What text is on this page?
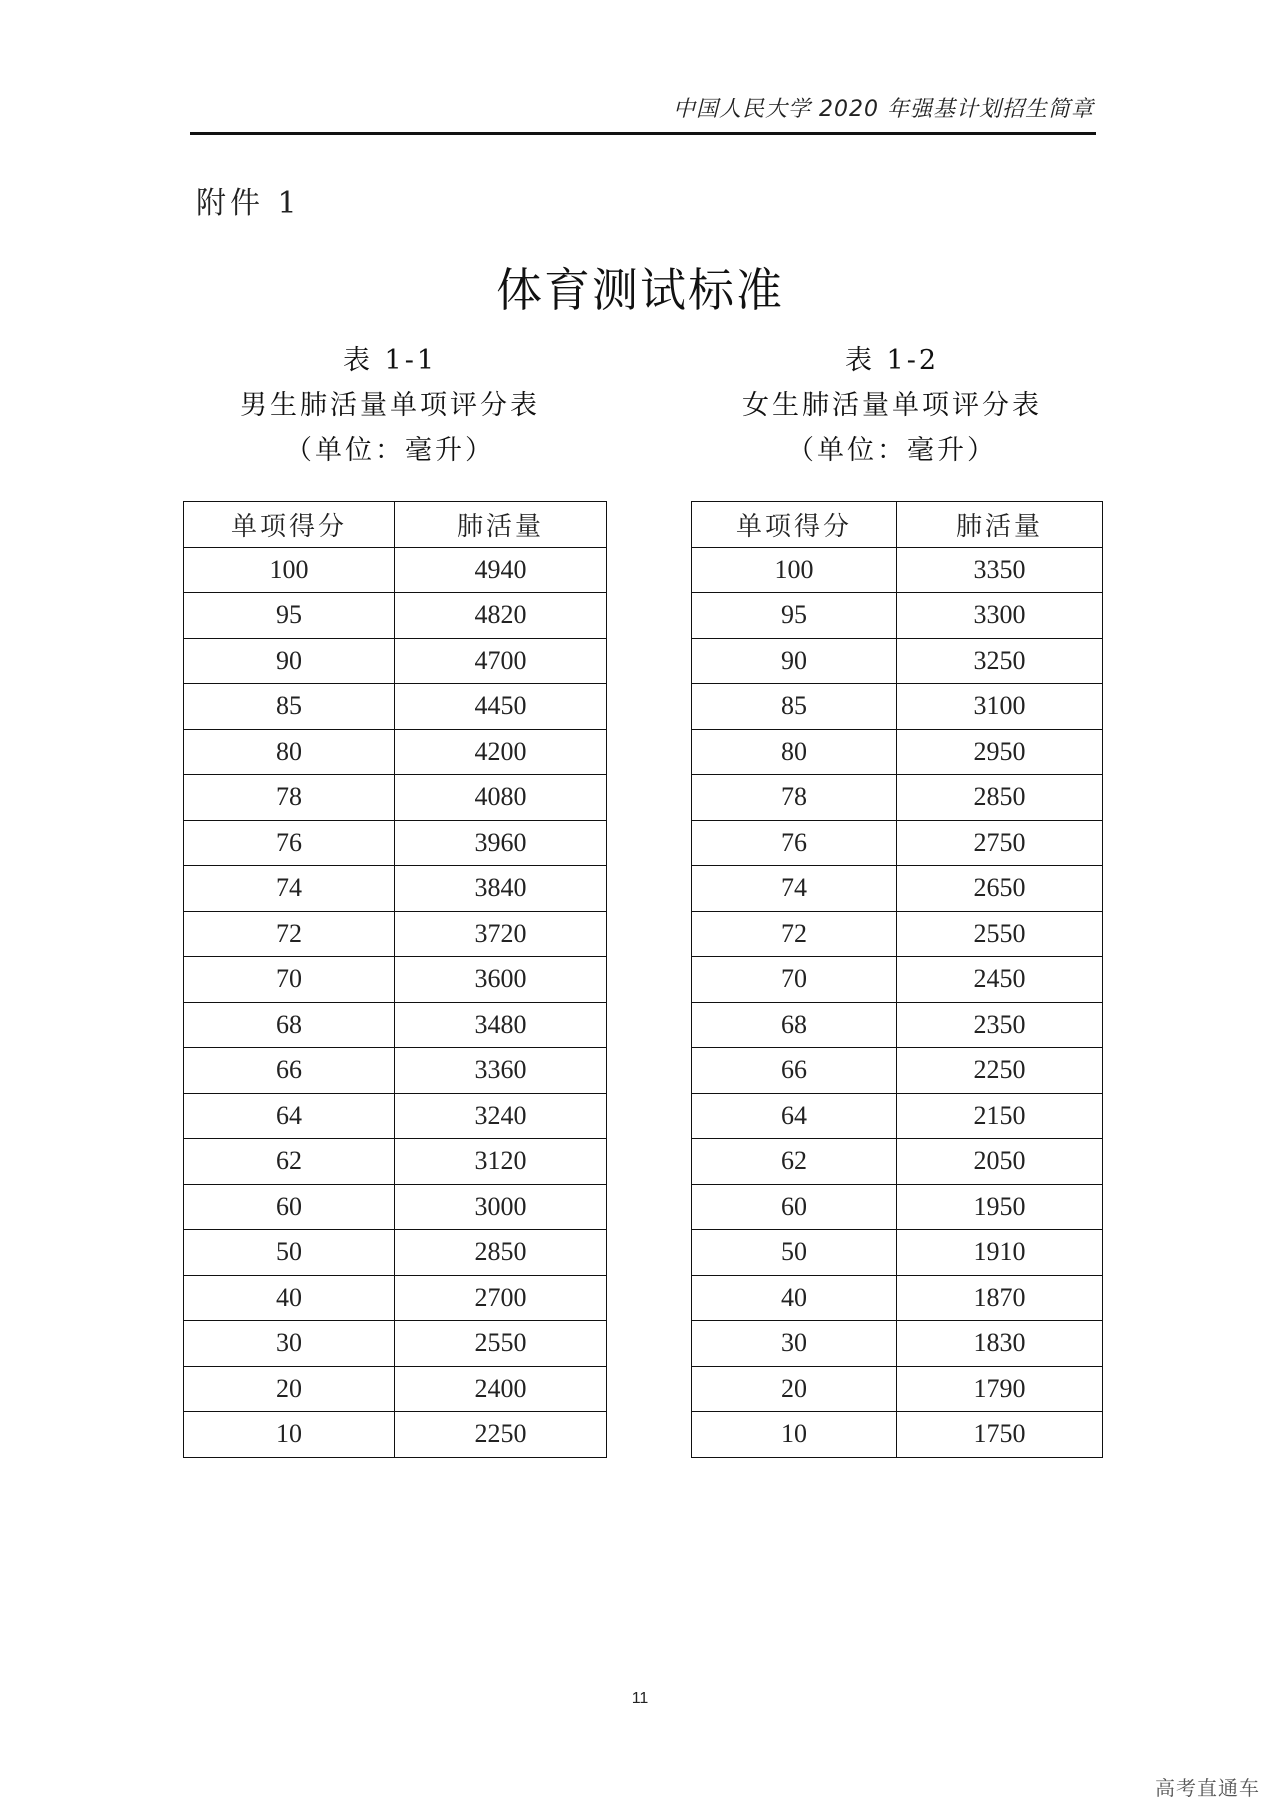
中国人民大学 2020 年强基计划招生简章
附件 1
体育测试标准
表 1-1
男生肺活量单项评分表
（单位：毫升）
表 1-2
女生肺活量单项评分表
（单位：毫升）
单项得分	肺活量
100	4940
95	4820
90	4700
85	4450
80	4200
78	4080
76	3960
74	3840
72	3720
70	3600
68	3480
66	3360
64	3240
62	3120
60	3000
50	2850
40	2700
30	2550
20	2400
10	2250
单项得分	肺活量
100	3350
95	3300
90	3250
85	3100
80	2950
78	2850
76	2750
74	2650
72	2550
70	2450
68	2350
66	2250
64	2150
62	2050
60	1950
50	1910
40	1870
30	1830
20	1790
10	1750
11
高考直通车
